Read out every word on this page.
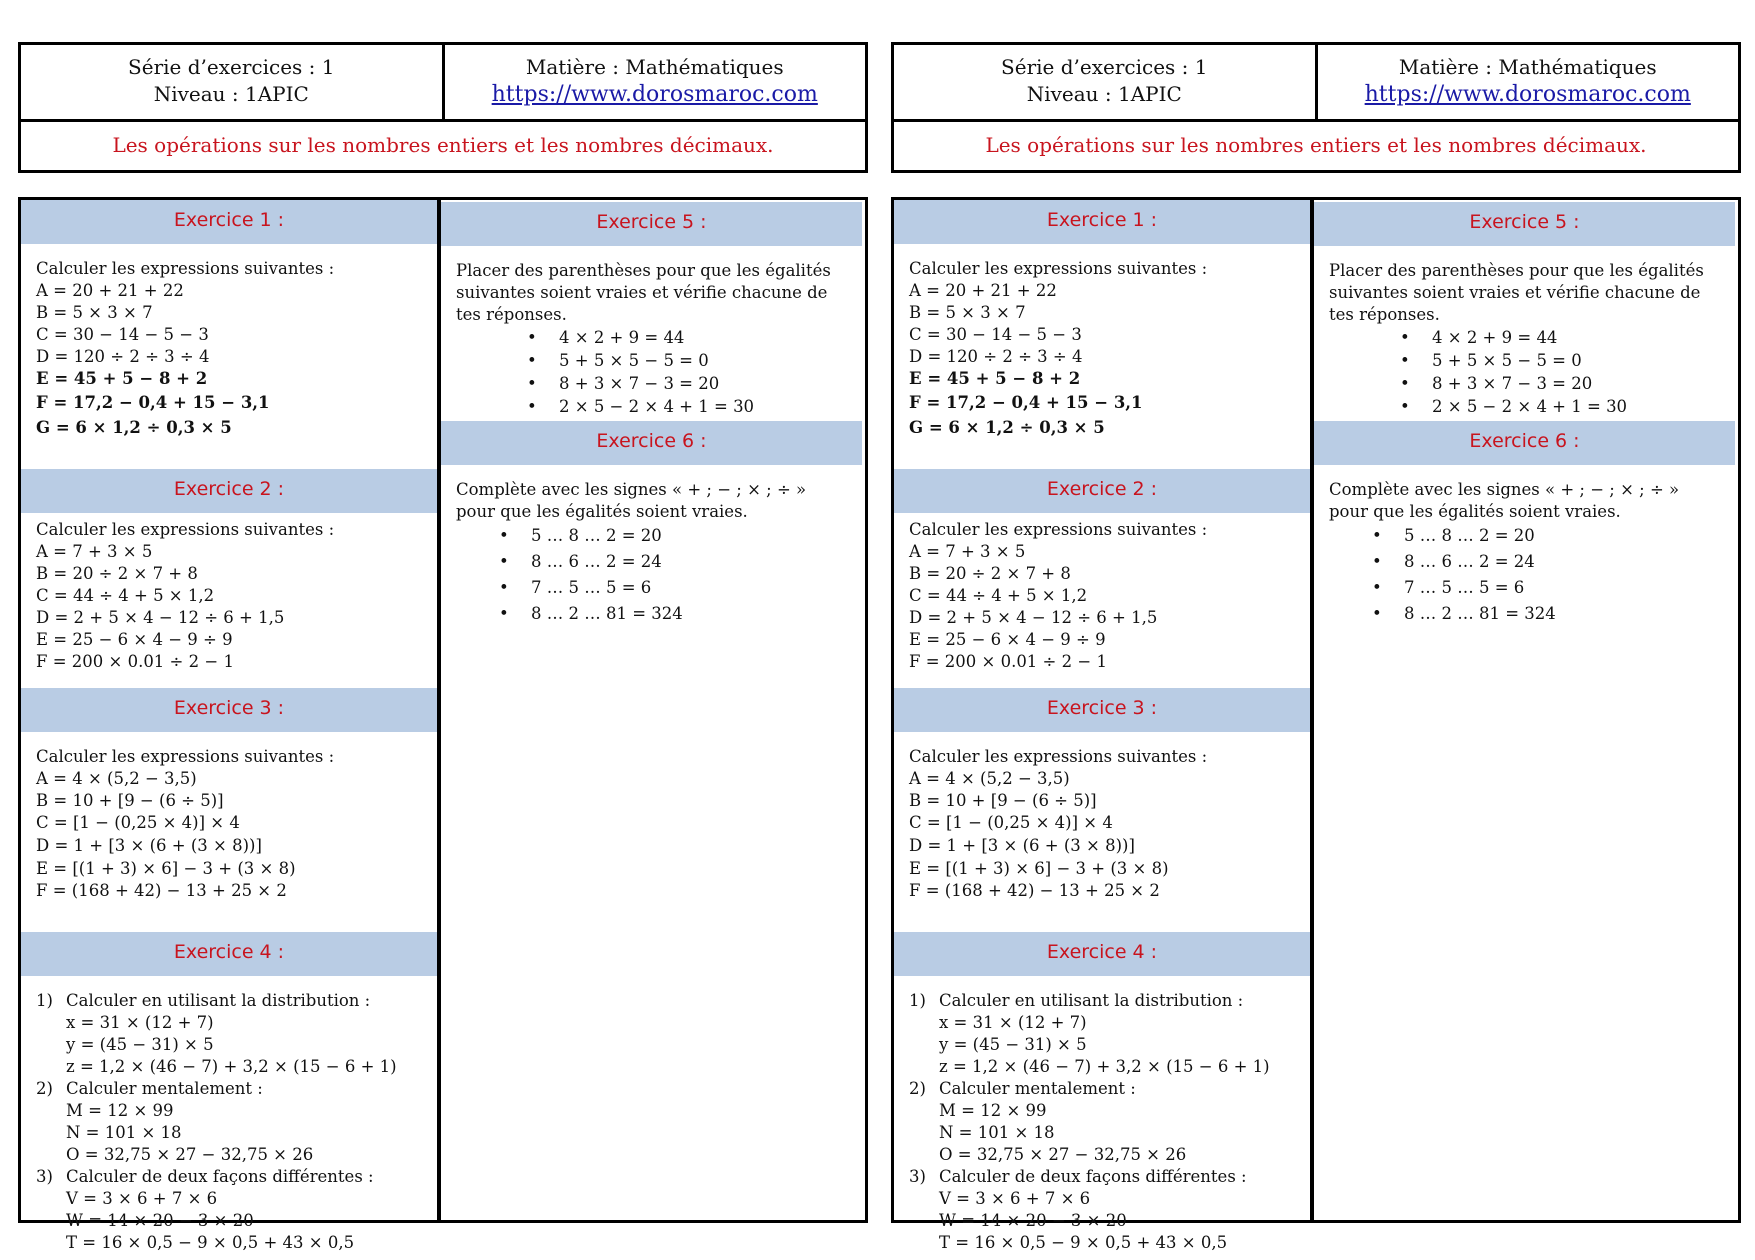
Série d’exercices : 1
Niveau : 1APIC
Matière : Mathématiques
https://www.dorosmaroc.com
Les opérations sur les nombres entiers et les nombres décimaux.
Exercice 1 :
Calculer les expressions suivantes :
A = 20 + 21 + 22
B = 5 × 3 × 7
C = 30 − 14 − 5 − 3
D = 120 ÷ 2 ÷ 3 ÷ 4
E = 45 + 5 − 8 + 2
F = 17,2 − 0,4 + 15 − 3,1
G = 6 × 1,2 ÷ 0,3 × 5
Exercice 2 :
Calculer les expressions suivantes :
A = 7 + 3 × 5
B = 20 ÷ 2 × 7 + 8
C = 44 ÷ 4 + 5 × 1,2
D = 2 + 5 × 4 − 12 ÷ 6 + 1,5
E = 25 − 6 × 4 − 9 ÷ 9
F = 200 × 0.01 ÷ 2 − 1
Exercice 3 :
Calculer les expressions suivantes :
A = 4 × (5,2 − 3,5)
B = 10 + [9 − (6 ÷ 5)]
C = [1 − (0,25 × 4)] × 4
D = 1 + [3 × (6 + (3 × 8))]
E = [(1 + 3) × 6] − 3 + (3 × 8)
F = (168 + 42) − 13 + 25 × 2
Exercice 4 :
1) Calculer en utilisant la distribution :
x = 31 × (12 + 7)
y = (45 − 31) × 5
z = 1,2 × (46 − 7) + 3,2 × (15 − 6 + 1)
2) Calculer mentalement :
M = 12 × 99
N = 101 × 18
O = 32,75 × 27 − 32,75 × 26
3) Calculer de deux façons différentes :
V = 3 × 6 + 7 × 6
W = 14 × 20 − 3 × 20
T = 16 × 0,5 − 9 × 0,5 + 43 × 0,5
Exercice 5 :
Placer des parenthèses pour que les égalités suivantes soient vraies et vérifie chacune de tes réponses.
• 4 × 2 + 9 = 44
• 5 + 5 × 5 − 5 = 0
• 8 + 3 × 7 − 3 = 20
• 2 × 5 − 2 × 4 + 1 = 30
Exercice 6 :
Complète avec les signes « + ; − ; × ; ÷ » pour que les égalités soient vraies.
• 5 … 8 … 2 = 20
• 8 … 6 … 2 = 24
• 7 … 5 … 5 = 6
• 8 … 2 … 81 = 324
Série d’exercices : 1
Niveau : 1APIC
Matière : Mathématiques
https://www.dorosmaroc.com
Les opérations sur les nombres entiers et les nombres décimaux.
Exercice 1 :
Calculer les expressions suivantes :
A = 20 + 21 + 22
B = 5 × 3 × 7
C = 30 − 14 − 5 − 3
D = 120 ÷ 2 ÷ 3 ÷ 4
E = 45 + 5 − 8 + 2
F = 17,2 − 0,4 + 15 − 3,1
G = 6 × 1,2 ÷ 0,3 × 5
Exercice 2 :
Calculer les expressions suivantes :
A = 7 + 3 × 5
B = 20 ÷ 2 × 7 + 8
C = 44 ÷ 4 + 5 × 1,2
D = 2 + 5 × 4 − 12 ÷ 6 + 1,5
E = 25 − 6 × 4 − 9 ÷ 9
F = 200 × 0.01 ÷ 2 − 1
Exercice 3 :
Calculer les expressions suivantes :
A = 4 × (5,2 − 3,5)
B = 10 + [9 − (6 ÷ 5)]
C = [1 − (0,25 × 4)] × 4
D = 1 + [3 × (6 + (3 × 8))]
E = [(1 + 3) × 6] − 3 + (3 × 8)
F = (168 + 42) − 13 + 25 × 2
Exercice 4 :
1) Calculer en utilisant la distribution :
x = 31 × (12 + 7)
y = (45 − 31) × 5
z = 1,2 × (46 − 7) + 3,2 × (15 − 6 + 1)
2) Calculer mentalement :
M = 12 × 99
N = 101 × 18
O = 32,75 × 27 − 32,75 × 26
3) Calculer de deux façons différentes :
V = 3 × 6 + 7 × 6
W = 14 × 20 − 3 × 20
T = 16 × 0,5 − 9 × 0,5 + 43 × 0,5
Exercice 5 :
Placer des parenthèses pour que les égalités suivantes soient vraies et vérifie chacune de tes réponses.
• 4 × 2 + 9 = 44
• 5 + 5 × 5 − 5 = 0
• 8 + 3 × 7 − 3 = 20
• 2 × 5 − 2 × 4 + 1 = 30
Exercice 6 :
Complète avec les signes « + ; − ; × ; ÷ » pour que les égalités soient vraies.
• 5 … 8 … 2 = 20
• 8 … 6 … 2 = 24
• 7 … 5 … 5 = 6
• 8 … 2 … 81 = 324
